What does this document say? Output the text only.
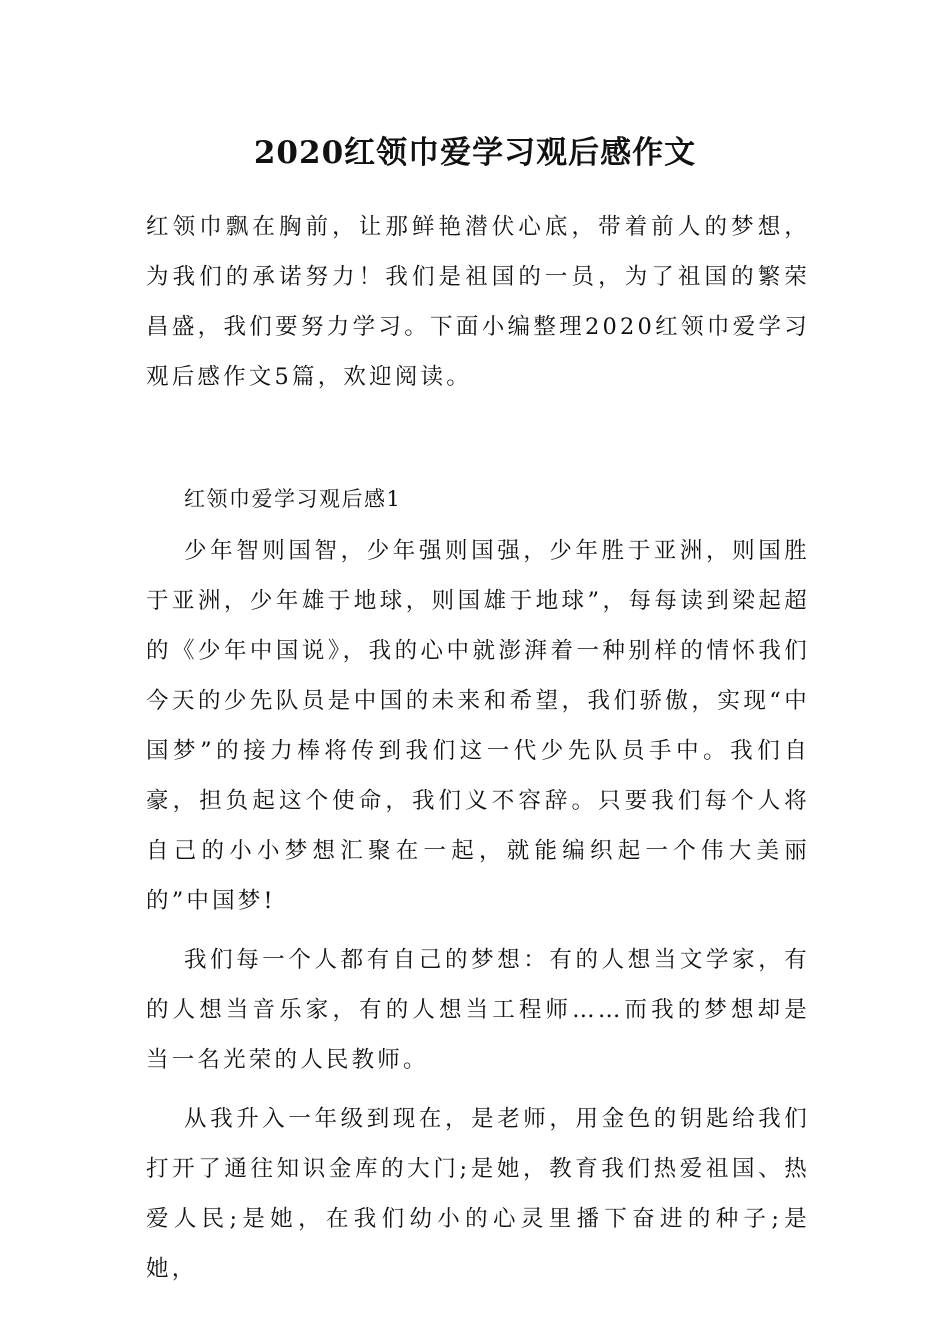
2020红领巾爱学习观后感作文

红领巾飘在胸前，让那鲜艳潜伏心底，带着前人的梦想，为我们的承诺努力！我们是祖国的一员，为了祖国的繁荣昌盛，我们要努力学习。下面小编整理2020红领巾爱学习观后感作文5篇，欢迎阅读。

红领巾爱学习观后感1

少年智则国智，少年强则国强，少年胜于亚洲，则国胜于亚洲，少年雄于地球，则国雄于地球”，每每读到梁起超的《少年中国说》，我的心中就澎湃着一种别样的情怀我们今天的少先队员是中国的未来和希望，我们骄傲，实现“中国梦”的接力棒将传到我们这一代少先队员手中。我们自豪，担负起这个使命，我们义不容辞。只要我们每个人将自己的小小梦想汇聚在一起，就能编织起一个伟大美丽的”中国梦!

我们每一个人都有自己的梦想：有的人想当文学家，有的人想当音乐家，有的人想当工程师……而我的梦想却是当一名光荣的人民教师。

从我升入一年级到现在，是老师，用金色的钥匙给我们打开了通往知识金库的大门;是她，教育我们热爱祖国、热爱人民;是她，在我们幼小的心灵里播下奋进的种子;是她，
